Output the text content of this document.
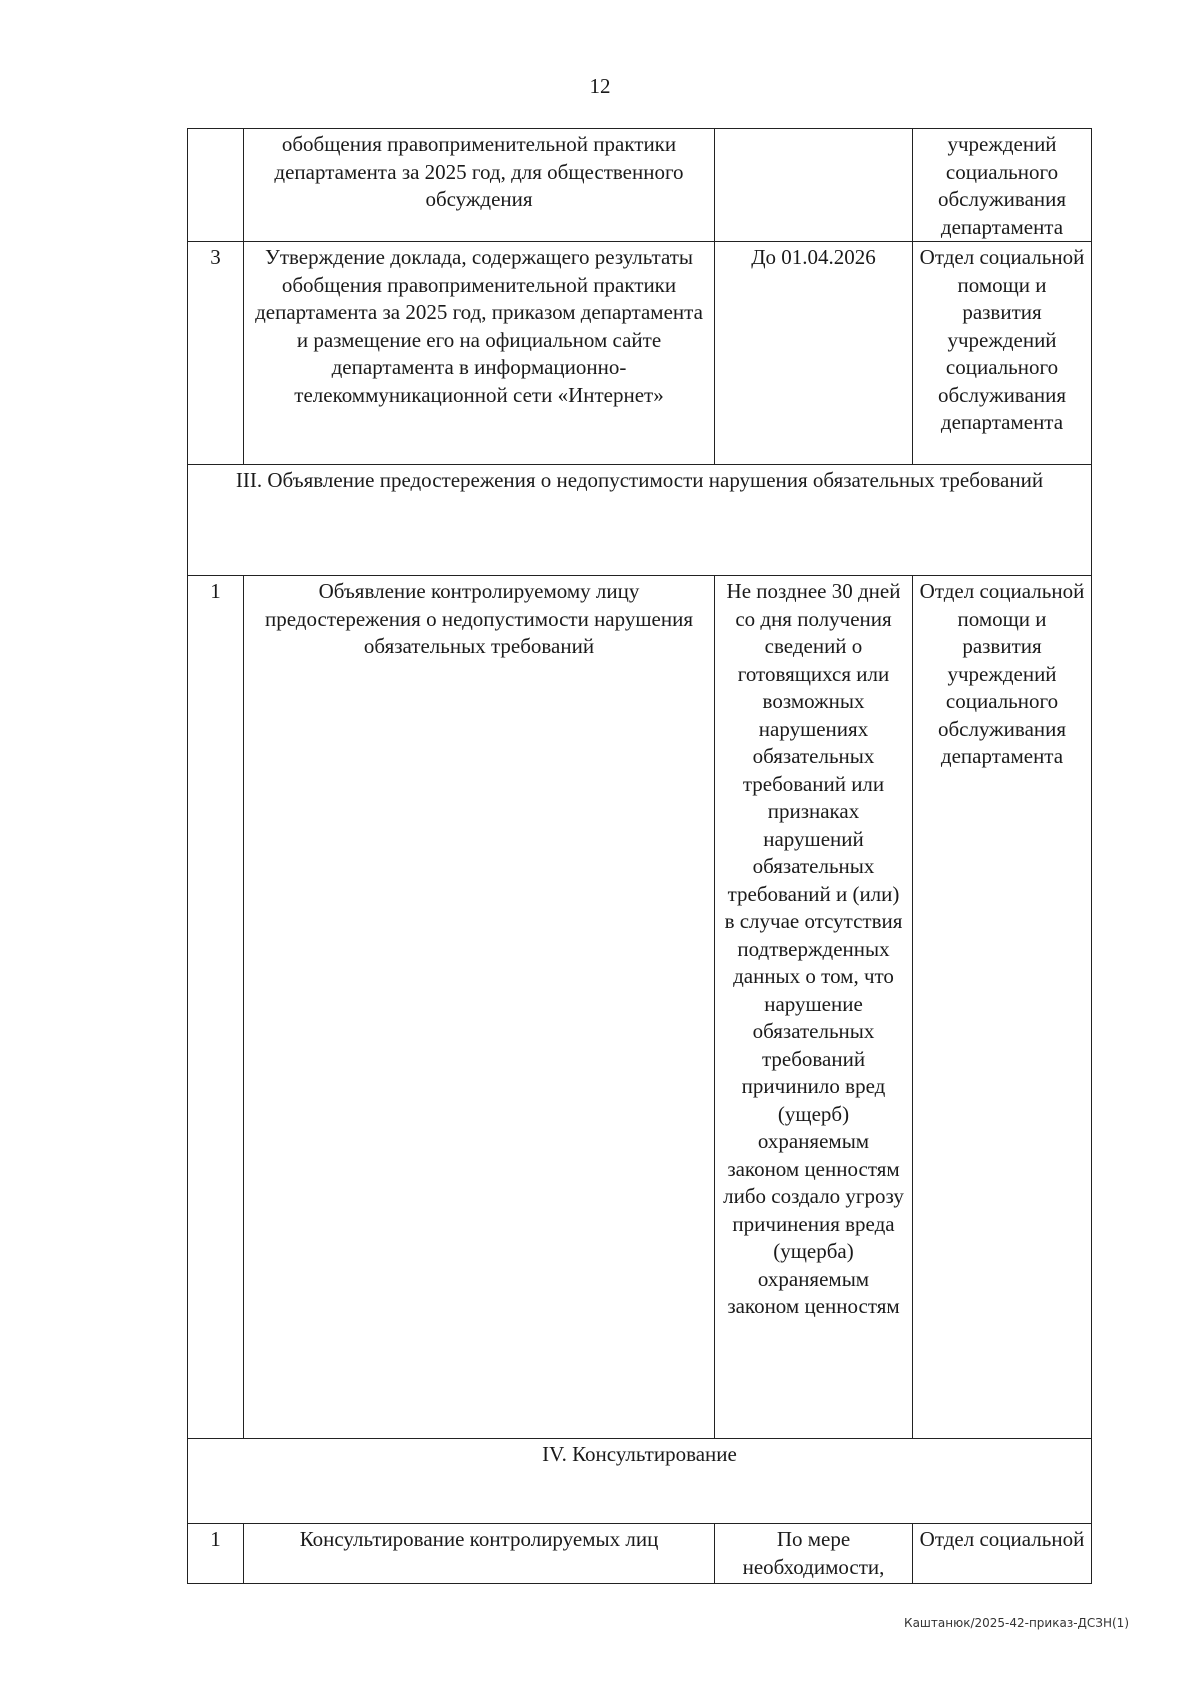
12
	обобщения правоприменительной практики департамента за 2025 год, для общественного обсуждения		учреждений социального обслуживания департамента
3	Утверждение доклада, содержащего результаты обобщения правоприменительной практики департамента за 2025 год, приказом департамента и размещение его на официальном сайте департамента в информационно-телекоммуникационной сети «Интернет»	До 01.04.2026	Отдел социальной помощи и развития учреждений социального обслуживания департамента
III. Объявление предостережения о недопустимости нарушения обязательных требований			
1	Объявление контролируемому лицу предостережения о недопустимости нарушения обязательных требований	Не позднее 30 дней со дня получения сведений о готовящихся или возможных нарушениях обязательных требований или признаках нарушений обязательных требований и (или) в случае отсутствия подтвержденных данных о том, что нарушение обязательных требований причинило вред (ущерб) охраняемым законом ценностям либо создало угрозу причинения вреда (ущерба) охраняемым законом ценностям	Отдел социальной помощи и развития учреждений социального обслуживания департамента
IV. Консультирование			
1	Консультирование контролируемых лиц	По мере необходимости,	Отдел социальной
Каштанюк/2025-42-приказ-ДСЗН(1)
